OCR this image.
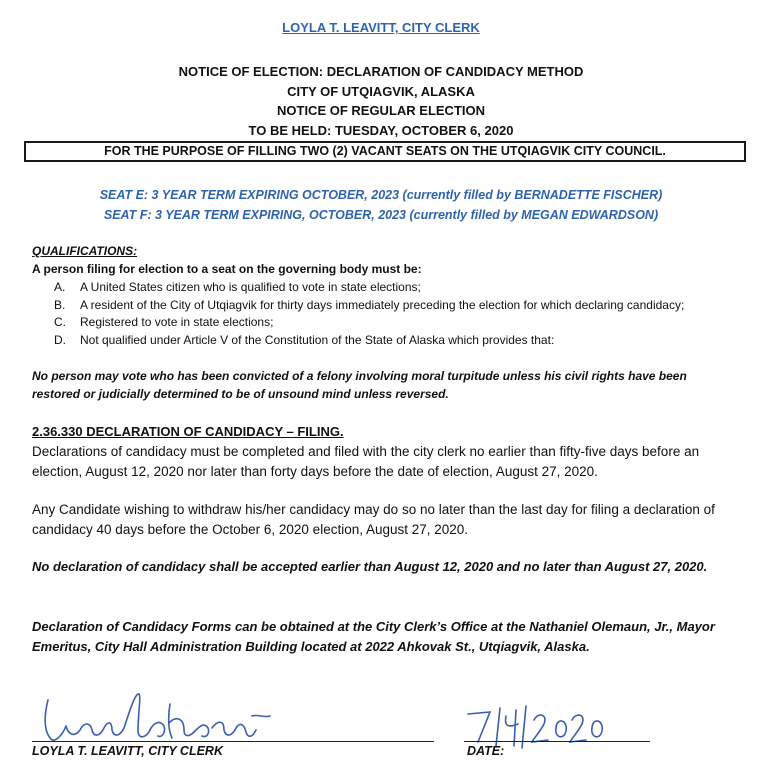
LOYLA T. LEAVITT, CITY CLERK
NOTICE OF ELECTION: DECLARATION OF CANDIDACY METHOD
CITY OF UTQIAGVIK, ALASKA
NOTICE OF REGULAR ELECTION
TO BE HELD: TUESDAY, OCTOBER 6, 2020
FOR THE PURPOSE OF FILLING TWO (2) VACANT SEATS ON THE UTQIAGVIK CITY COUNCIL.
SEAT E: 3 YEAR TERM EXPIRING OCTOBER, 2023 (currently filled by BERNADETTE FISCHER)
SEAT F: 3 YEAR TERM EXPIRING, OCTOBER, 2023 (currently filled by MEGAN EDWARDSON)
QUALIFICATIONS:
A person filing for election to a seat on the governing body must be:
A.	A United States citizen who is qualified to vote in state elections;
B.	A resident of the City of Utqiagvik for thirty days immediately preceding the election for which declaring candidacy;
C.	Registered to vote in state elections;
D.	Not qualified under Article V of the Constitution of the State of Alaska which provides that:
No person may vote who has been convicted of a felony involving moral turpitude unless his civil rights have been restored or judicially determined to be of unsound mind unless reversed.
2.36.330 DECLARATION OF CANDIDACY – FILING.
Declarations of candidacy must be completed and filed with the city clerk no earlier than fifty-five days before an election, August 12, 2020 nor later than forty days before the date of election, August 27, 2020.
Any Candidate wishing to withdraw his/her candidacy may do so no later than the last day for filing a declaration of candidacy 40 days before the October 6, 2020 election, August 27, 2020.
No declaration of candidacy shall be accepted earlier than August 12, 2020 and no later than August 27, 2020.
Declaration of Candidacy Forms can be obtained at the City Clerk’s Office at the Nathaniel Olemaun, Jr., Mayor Emeritus, City Hall Administration Building located at 2022 Ahkovak St., Utqiagvik, Alaska.
LOYLA T. LEAVITT, CITY CLERK	DATE:
